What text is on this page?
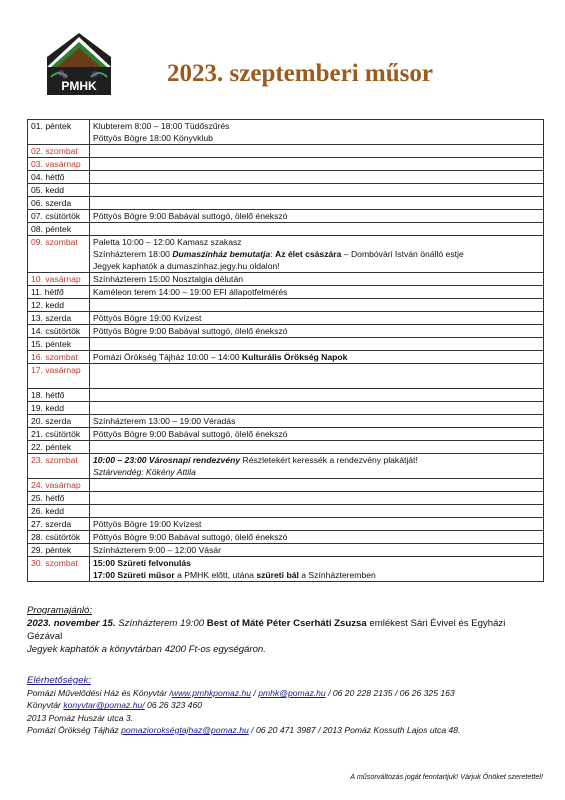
PMHK	2023. szeptemberi műsor
01. péntek	Klubterem 8:00 – 18:00 Tüdőszűrés
Pöttyös Bögre 18:00 Könyvklub

02. szombat	
03. vasárnap	
04. hétfő	
05. kedd	
06. szerda	
07. csütörtök	Pöttyös Bögre 9:00 Babával suttogó, ölelő énekszó

08. péntek	
09. szombat	Paletta 10:00 – 12:00 Kamasz szakasz
Színházterem 18:00 Dumaszínház bemutatja: Az élet császára – Dombóvári István önálló estje
Jegyek kaphatók a dumaszinhaz.jegy.hu oldalon!

10. vasárnap	Színházterem 15:00 Nosztalgia délután

11. hétfő	Kaméleon terem 14:00 – 19:00 EFI állapotfelmérés

12. kedd	
13. szerda	Pöttyös Bögre 19:00 Kvízest

14. csütörtök	Pöttyös Bögre 9:00 Babával suttogó, ölelő énekszó

15. péntek	
16. szombat	Pomázi Örökség Tájház 10:00 – 14:00 Kulturális Örökség Napok

17. vasárnap	
18. hétfő	
19. kedd	
20. szerda	Színházterem 13:00 – 19:00 Véradás

21. csütörtök	Pöttyös Bögre 9:00 Babával suttogó, ölelő énekszó

22. péntek	
23. szombat	10:00 – 23:00 Városnapi rendezvény Részletekért keressék a rendezvény plakátját!
Sztárvendég: Kökény Attila

24. vasárnap	
25. hétfő	
26. kedd	
27. szerda	Pöttyös Bögre 19:00 Kvízest

28. csütörtök	Pöttyös Bögre 9:00 Babával suttogó, ölelő énekszó

29. péntek	Színházterem 9:00 – 12:00 Vásár

30. szombat	15:00 Szüreti felvonulás
17:00 Szüreti műsor a PMHK előtt, utána szüreti bál a Színházteremben
Programajánló:
2023. november 15. Színházterem 19:00 Best of Máté Péter Cserháti Zsuzsa emlékest Sári Évivel és Egyházi
Gézával
Jegyek kaphatók a könyvtárban 4200 Ft-os egységáron.
Elérhetőségek:
Pomázi Művelődési Ház és Könyvtár /www.pmhkpomaz.hu / pmhk@pomaz.hu / 06 20 228 2135 / 06 26 325 163
Könyvtár konyvtar@pomaz.hu/ 06 26 323 460
2013 Pomáz Huszár utca 3.
Pomázi Örökség Tájház pomaziorokségtajhaz@pomaz.hu / 06 20 471 3987 / 2013 Pomáz Kossuth Lajos utca 48.
A műsorváltozás jogát fenntartjuk! Várjuk Önöket szeretettel!
